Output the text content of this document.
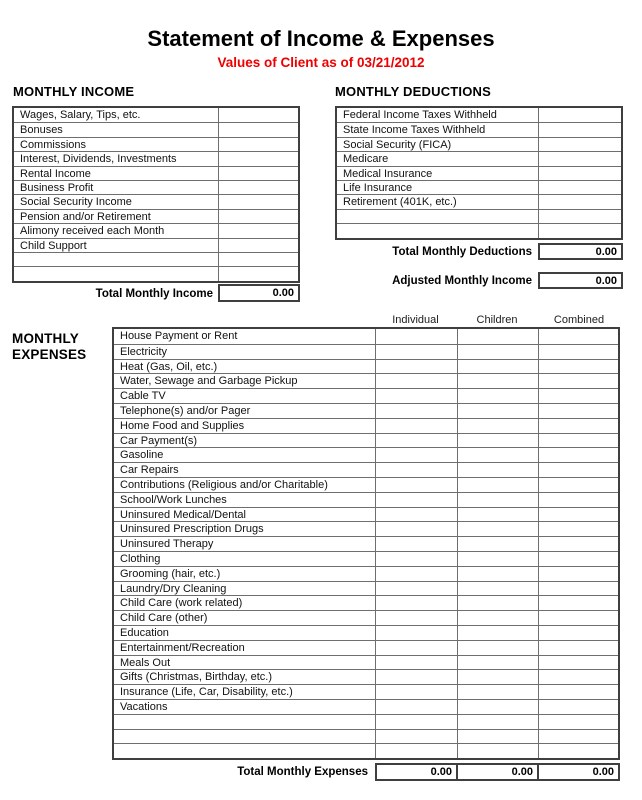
Statement of Income & Expenses
Values of Client as of 03/21/2012
MONTHLY INCOME	MONTHLY DEDUCTIONS
Wages, Salary, Tips, etc.
Bonuses
Commissions
Interest, Dividends, Investments
Rental Income
Business Profit
Social Security Income
Pension and/or Retirement
Alimony received each Month
Child Support
Federal Income Taxes Withheld
State Income Taxes Withheld
Social Security (FICA)
Medicare
Medical Insurance
Life Insurance
Retirement (401K, etc.)
Total Monthly Income	0.00
Total Monthly Deductions	0.00
Adjusted Monthly Income	0.00
MONTHLY EXPENSES
Individual	Children	Combined
House Payment or Rent
Electricity
Heat (Gas, Oil, etc.)
Water, Sewage and Garbage Pickup
Cable TV
Telephone(s) and/or Pager
Home Food and Supplies
Car Payment(s)
Gasoline
Car Repairs
Contributions (Religious and/or Charitable)
School/Work Lunches
Uninsured Medical/Dental
Uninsured Prescription Drugs
Uninsured Therapy
Clothing
Grooming (hair, etc.)
Laundry/Dry Cleaning
Child Care (work related)
Child Care (other)
Education
Entertainment/Recreation
Meals Out
Gifts (Christmas, Birthday, etc.)
Insurance (Life, Car, Disability, etc.)
Vacations
Total Monthly Expenses	0.00	0.00	0.00
